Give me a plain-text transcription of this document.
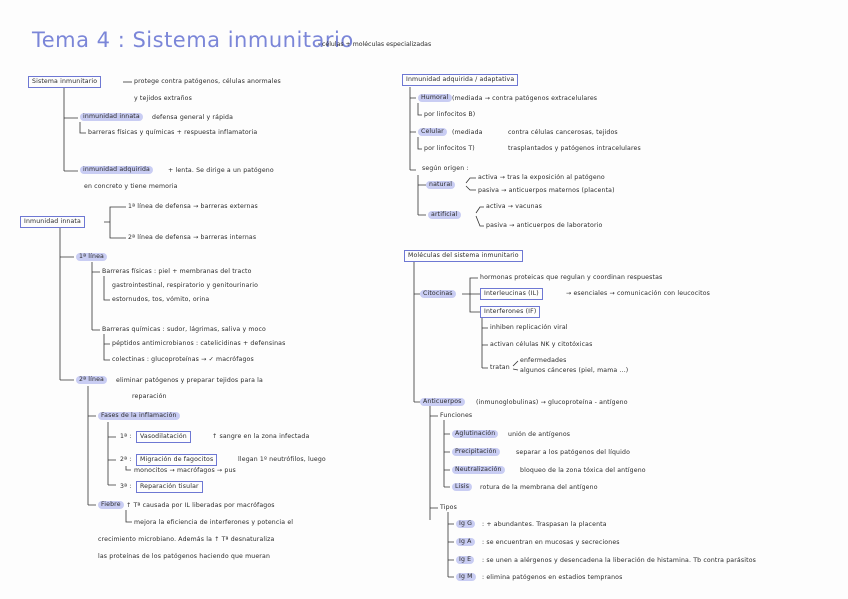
Tema 4 : Sistema inmunitario
células + moléculas especializadas
Sistema inmunitario	protege contra patógenos, células anormales
y tejidos extraños
inmunidad innata	defensa general y rápida
barreras físicas y químicas + respuesta inflamatoria
inmunidad adquirida	+ lenta. Se dirige a un patógeno
en concreto y tiene memoria
Inmunidad innata
1ª línea de defensa → barreras externas
2ª línea de defensa → barreras internas
1ª línea
Barreras físicas : piel + membranas del tracto
gastrointestinal, respiratorio y genitourinario
estornudos, tos, vómito, orina
Barreras químicas : sudor, lágrimas, saliva y moco
péptidos antimicrobianos : catelicidinas + defensinas
colectinas : glucoproteínas → ✓ macrófagos
2ª línea	eliminar patógenos y preparar tejidos para la
reparación
Fases de la inflamación
1ª :	Vasodilatación	↑ sangre en la zona infectada
2ª :	Migración de fagocitos	llegan 1º neutrófilos, luego
monocitos → macrófagos → pus
3ª :	Reparación tisular
Fiebre ↑ Tª causada por IL liberadas por macrófagos
mejora la eficiencia de interferones y potencia el
crecimiento microbiano. Además la ↑ Tª desnaturaliza
las proteínas de los patógenos haciendo que mueran
Inmunidad adquirida / adaptativa
Humoral (mediada → contra patógenos extracelulares
por linfocitos B)
Celular	(mediada
por linfocitos T)
contra células cancerosas, tejidos
trasplantados y patógenos intracelulares
según origen :
natural
activa → tras la exposición al patógeno
pasiva → anticuerpos maternos (placenta)
artificial
activa → vacunas
pasiva → anticuerpos de laboratorio
Moléculas del sistema inmunitario
Citocinas
hormonas proteicas que regulan y coordinan respuestas
Interleucinas (IL)	→ esenciales → comunicación con leucocitos
Interferones (IF)
inhiben replicación viral
activan células NK y citotóxicas
tratan
enfermedades
algunos cánceres (piel, mama ...)
Anticuerpos	(inmunoglobulinas) → glucoproteína - antígeno
Funciones
Aglutinación	unión de antígenos
Precipitación	separar a los patógenos del líquido
Neutralización	bloqueo de la zona tóxica del antígeno
Lisis	rotura de la membrana del antígeno
Tipos
Ig G	: + abundantes. Traspasan la placenta
Ig A	: se encuentran en mucosas y secreciones
Ig E	: se unen a alérgenos y desencadena la liberación de histamina. Tb contra parásitos
Ig M	: elimina patógenos en estadios tempranos
